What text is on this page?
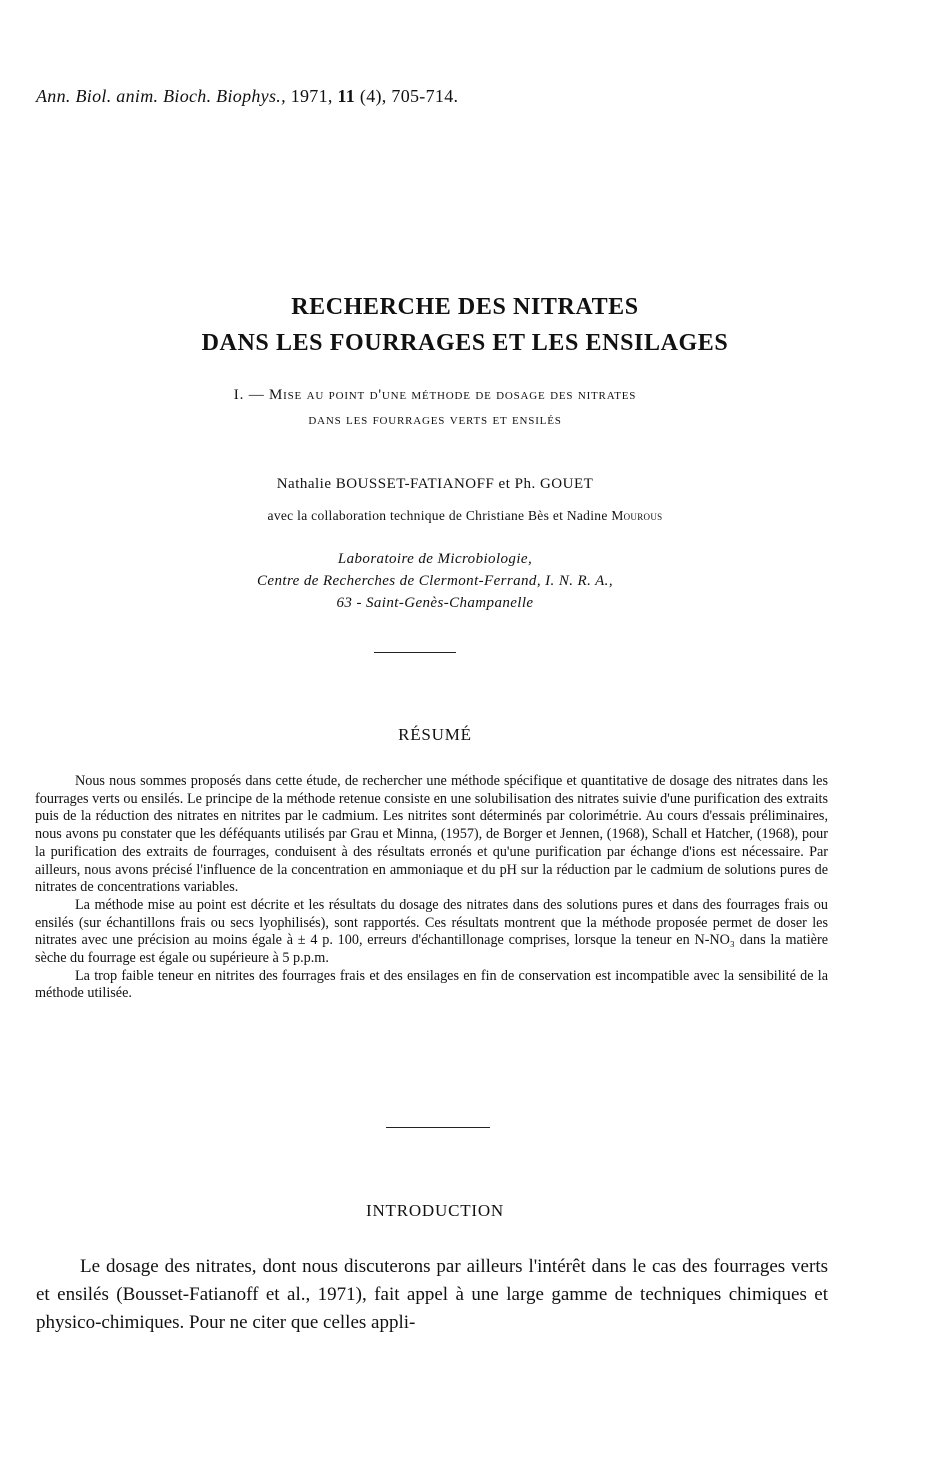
Ann. Biol. anim. Bioch. Biophys., 1971, 11 (4), 705-714.
RECHERCHE DES NITRATES
DANS LES FOURRAGES ET LES ENSILAGES
I. — Mise au point d'une méthode de dosage des nitrates
dans les fourrages verts et ensilés
Nathalie BOUSSET-FATIANOFF et Ph. GOUET
avec la collaboration technique de Christiane Bès et Nadine Mourous
Laboratoire de Microbiologie,
Centre de Recherches de Clermont-Ferrand, I. N. R. A.,
63 - Saint-Genès-Champanelle
RÉSUMÉ

Nous nous sommes proposés dans cette étude, de rechercher une méthode spécifique et quantitative de dosage des nitrates dans les fourrages verts ou ensilés. Le principe de la méthode retenue consiste en une solubilisation des nitrates suivie d'une purification des extraits puis de la réduction des nitrates en nitrites par le cadmium. Les nitrites sont déterminés par colorimétrie. Au cours d'essais préliminaires, nous avons pu constater que les déféquants utilisés par Grau et Minna, (1957), de Borger et Jennen, (1968), Schall et Hatcher, (1968), pour la purification des extraits de fourrages, conduisent à des résultats erronés et qu'une purification par échange d'ions est nécessaire. Par ailleurs, nous avons précisé l'influence de la concentration en ammoniaque et du pH sur la réduction par le cadmium de solutions pures de nitrates de concentrations variables.

La méthode mise au point est décrite et les résultats du dosage des nitrates dans des solutions pures et dans des fourrages frais ou ensilés (sur échantillons frais ou secs lyophilisés), sont rapportés. Ces résultats montrent que la méthode proposée permet de doser les nitrates avec une précision au moins égale à ± 4 p. 100, erreurs d'échantillonage comprises, lorsque la teneur en N-NO₃ dans la matière sèche du fourrage est égale ou supérieure à 5 p.p.m.

La trop faible teneur en nitrites des fourrages frais et des ensilages en fin de conservation est incompatible avec la sensibilité de la méthode utilisée.

INTRODUCTION

Le dosage des nitrates, dont nous discuterons par ailleurs l'intérêt dans le cas des fourrages verts et ensilés (Bousset-Fatianoff et al., 1971), fait appel à une large gamme de techniques chimiques et physico-chimiques. Pour ne citer que celles appli-
